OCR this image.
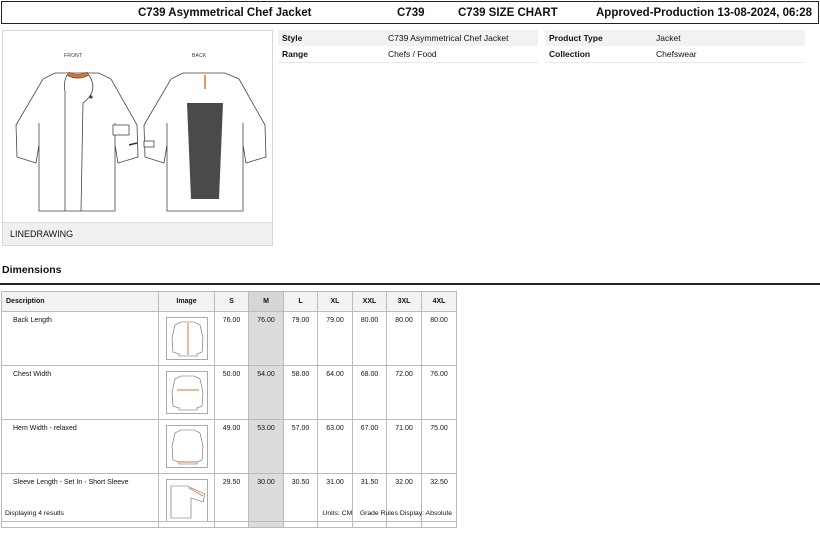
C739 Asymmetrical Chef Jacket	C739	C739 SIZE CHART	Approved-Production 13-08-2024, 06:28
FRONT	BACK
LINEDRAWING
Style	C739 Asymmetrical Chef Jacket
Range	Chefs / Food
Product Type	Jacket
Collection	Chefswear
Dimensions
Description	Image	S	M	L	XL	XXL	3XL	4XL
Back Length		76.00	76.00	79.00	79.00	80.00	80.00	80.00
Chest Width		50.00	54.00	58.00	64.00	68.00	72.00	76.00
Hem Width - relaxed		49.00	53.00	57.00	63.00	67.00	71.00	75.00
Sleeve Length - Set In - Short Sleeve		29.50	30.00	30.50	31.00	31.50	32.00	32.50
Displaying 4 results	Units: CM Grade Rules Display: Absolute
